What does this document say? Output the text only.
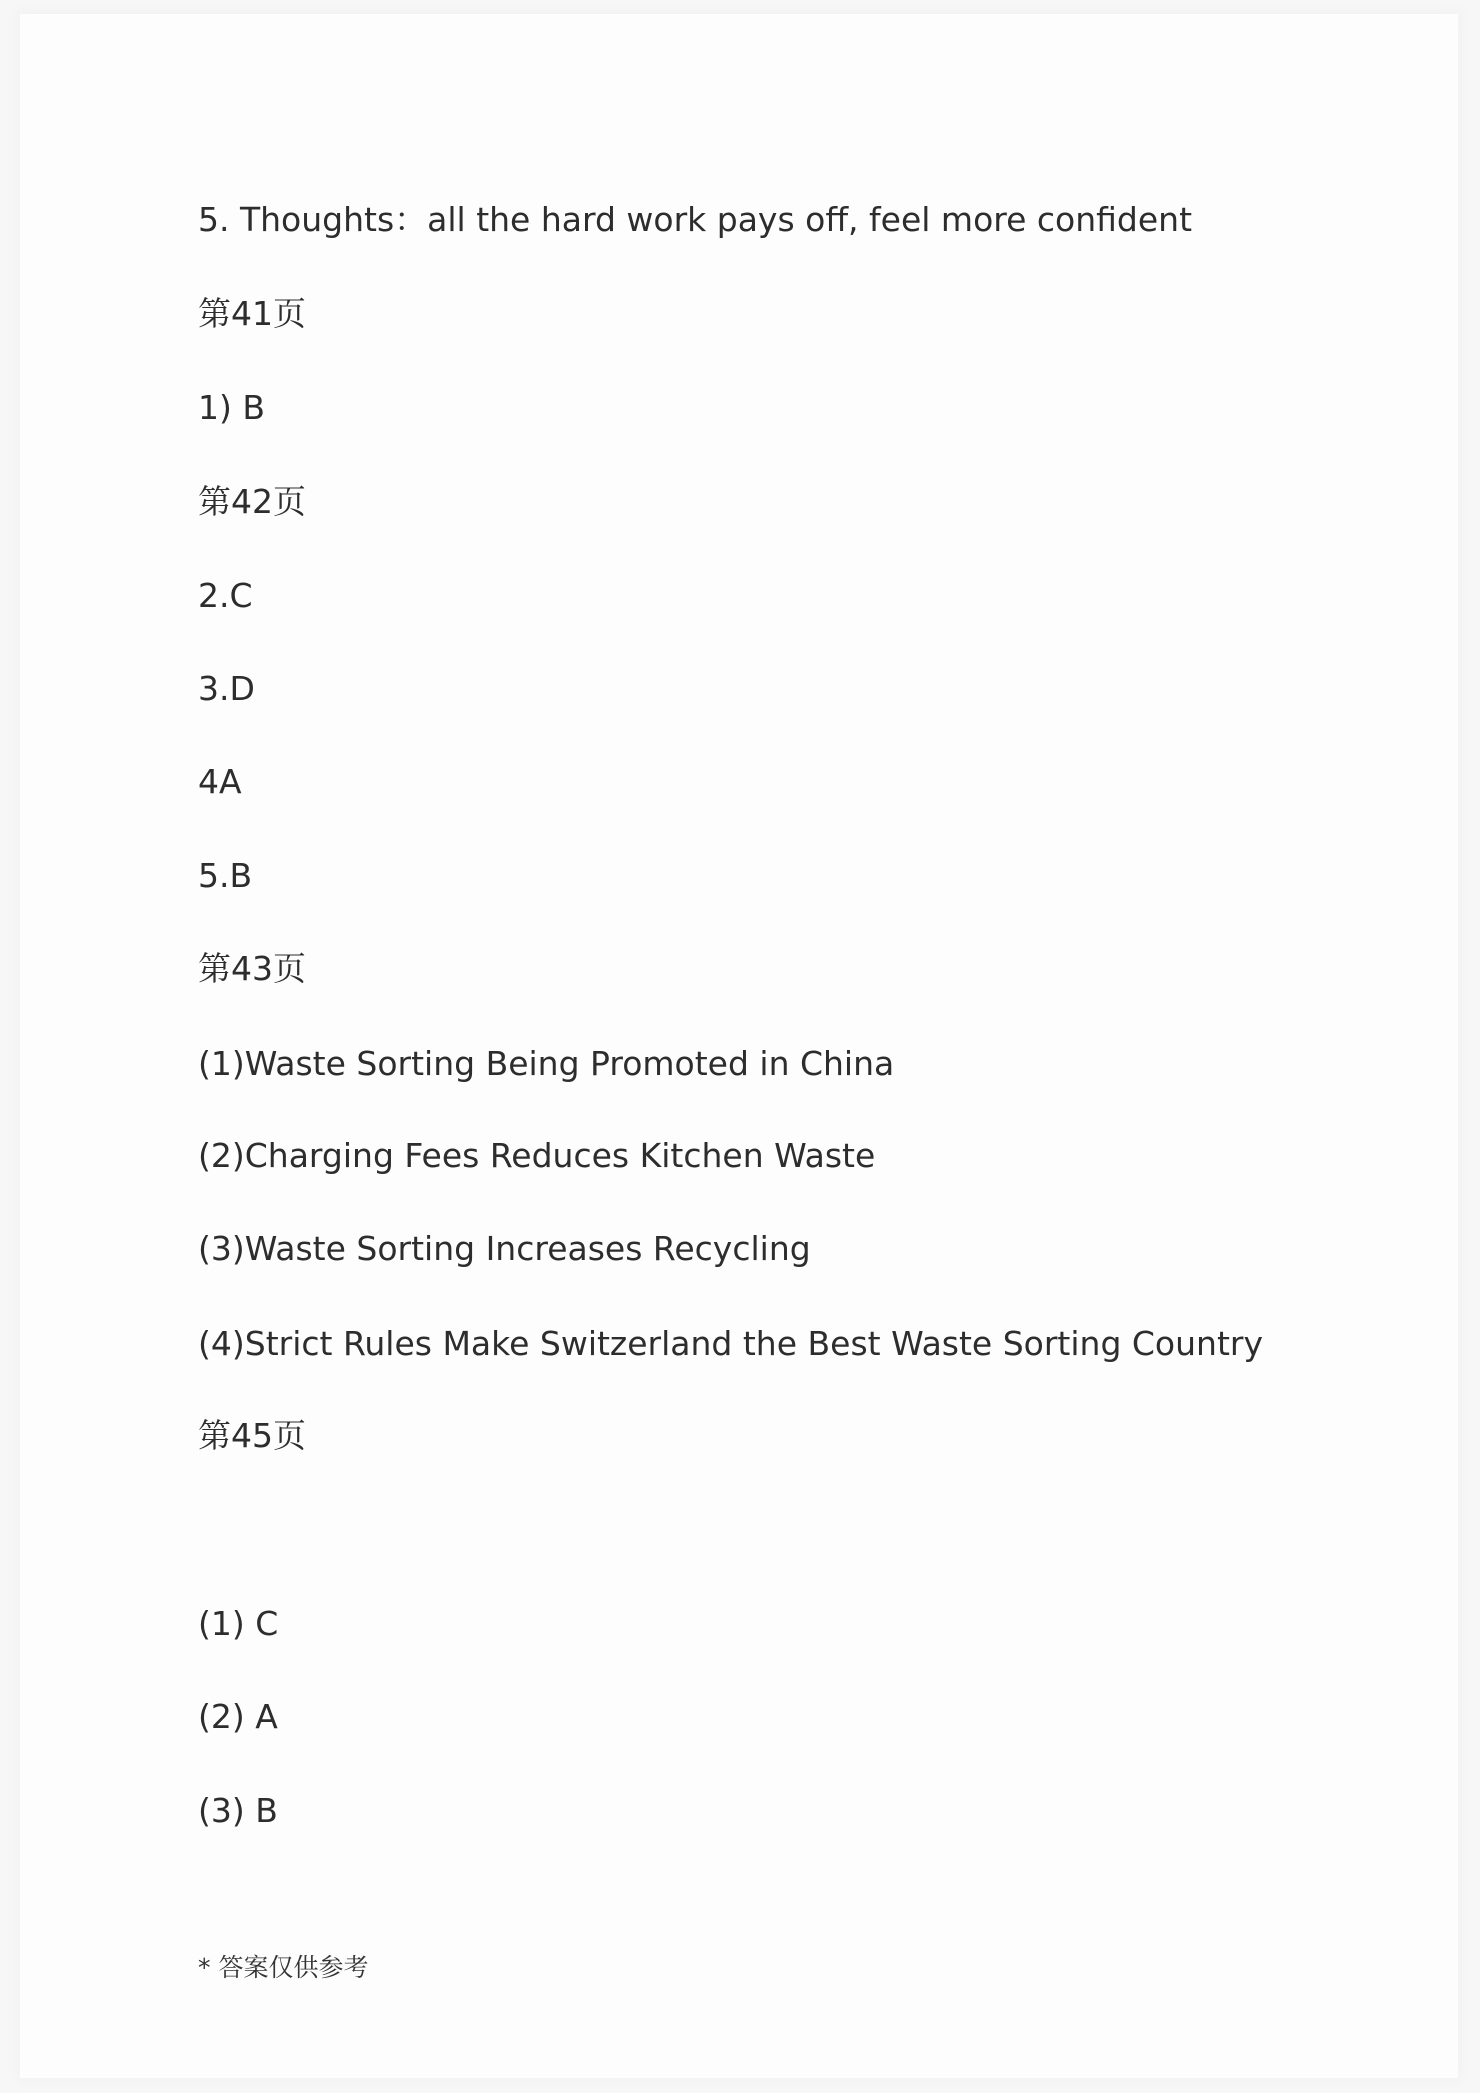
5. Thoughts：all the hard work pays off, feel more confident

第41页

1) B

第42页

2.C

3.D

4A

5.B

第43页

(1)Waste Sorting Being Promoted in China

(2)Charging Fees Reduces Kitchen Waste

(3)Waste Sorting Increases Recycling

(4)Strict Rules Make Switzerland the Best Waste Sorting Country

第45页

(1) C

(2) A

(3) B

* 答案仅供参考
